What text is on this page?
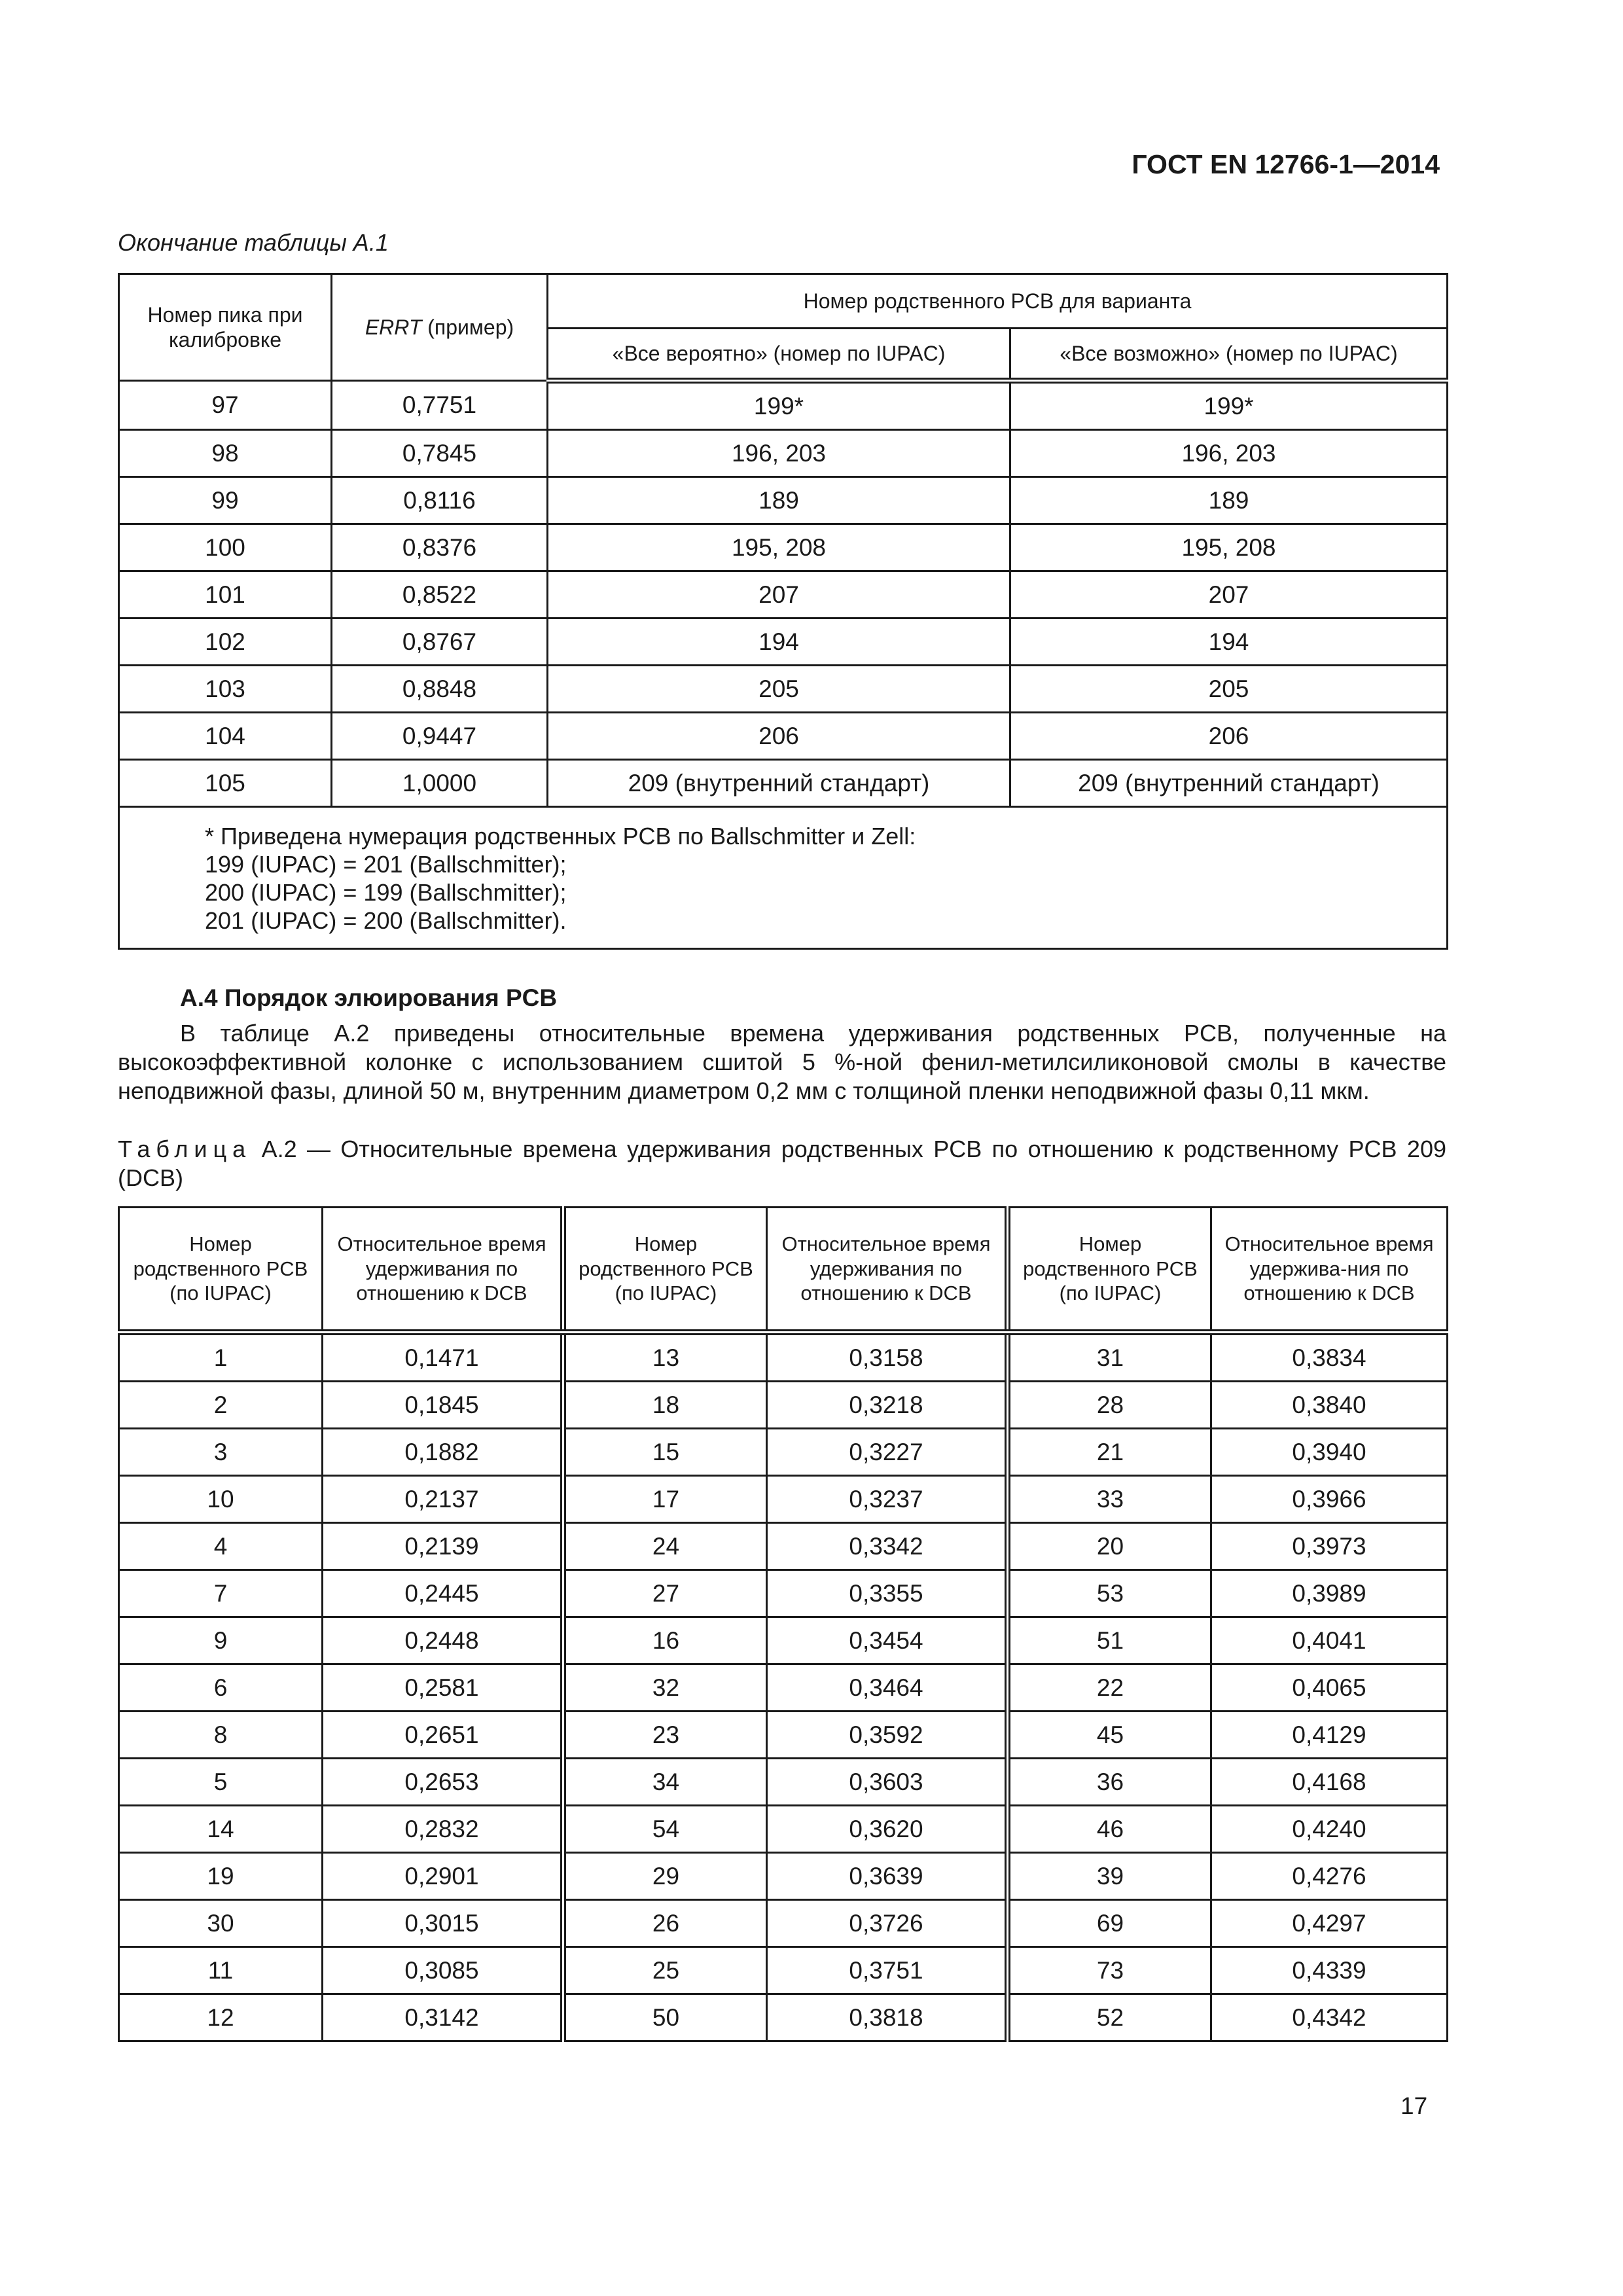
ГОСТ EN 12766-1—2014
Окончание таблицы А.1
Номер пика при калибровке	ERRT (пример)	Номер родственного PCB для варианта	
		«Все вероятно» (номер по IUPAC)	«Все возможно» (номер по IUPAC)
97	0,7751	199*	199*
98	0,7845	196, 203	196, 203
99	0,8116	189	189
100	0,8376	195, 208	195, 208
101	0,8522	207	207
102	0,8767	194	194
103	0,8848	205	205
104	0,9447	206	206
105	1,0000	209 (внутренний стандарт)	209 (внутренний стандарт)

* Приведена нумерация родственных PCB по Ballschmitter и Zell:
199 (IUPAC) = 201 (Ballschmitter);
200 (IUPAC) = 199 (Ballschmitter);
201 (IUPAC) = 200 (Ballschmitter).			
А.4 Порядок элюирования PCB
В таблице А.2 приведены относительные времена удерживания родственных PCB, полученные на высокоэффективной колонке с использованием сшитой 5 %-ной фенил-метилсиликоновой смолы в качестве неподвижной фазы, длиной 50 м, внутренним диаметром 0,2 мм с толщиной пленки неподвижной фазы 0,11 мкм.
Таблица А.2 — Относительные времена удерживания родственных PCB по отношению к родственному PCB 209 (DCB)
Номер родственного PCB (по IUPAC)	Относительное время удерживания по отношению к DCB	Номер родственного PCB (по IUPAC)	Относительное время удерживания по отношению к DCB	Номер родственного PCB (по IUPAC)	Относительное время удержива-ния по отношению к DCB
1	0,1471	13	0,3158	31	0,3834
2	0,1845	18	0,3218	28	0,3840
3	0,1882	15	0,3227	21	0,3940
10	0,2137	17	0,3237	33	0,3966
4	0,2139	24	0,3342	20	0,3973
7	0,2445	27	0,3355	53	0,3989
9	0,2448	16	0,3454	51	0,4041
6	0,2581	32	0,3464	22	0,4065
8	0,2651	23	0,3592	45	0,4129
5	0,2653	34	0,3603	36	0,4168
14	0,2832	54	0,3620	46	0,4240
19	0,2901	29	0,3639	39	0,4276
30	0,3015	26	0,3726	69	0,4297
11	0,3085	25	0,3751	73	0,4339
12	0,3142	50	0,3818	52	0,4342
17
